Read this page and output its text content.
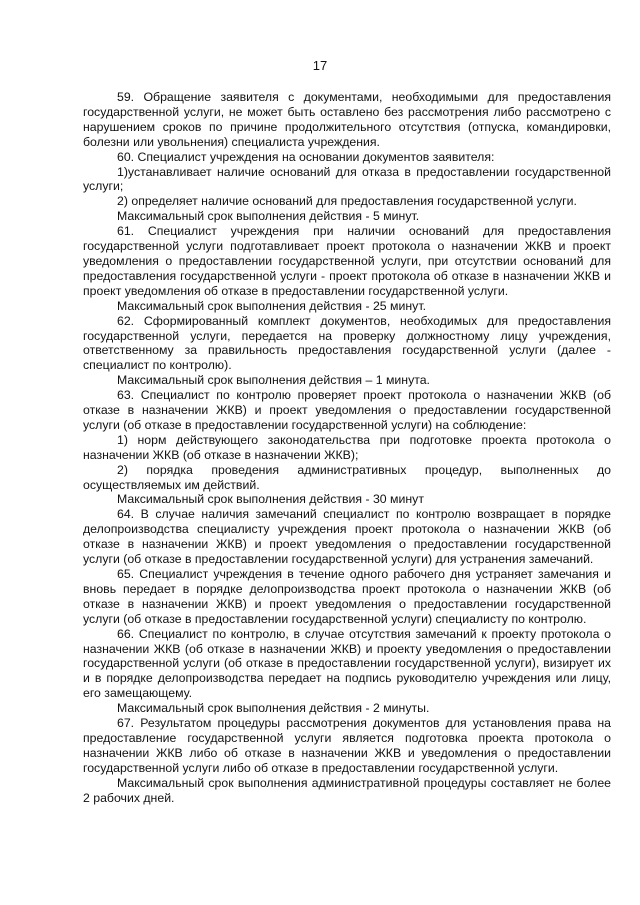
17

59. Обращение заявителя с документами, необходимыми для предоставления государственной услуги, не может быть оставлено без рассмотрения либо рассмотрено с нарушением сроков по причине продолжительного отсутствия (отпуска, командировки, болезни или увольнения) специалиста учреждения.

60. Специалист учреждения на основании документов заявителя:

1)устанавливает наличие оснований для отказа в предоставлении государственной услуги;

2) определяет наличие оснований для предоставления государственной услуги.

Максимальный срок выполнения действия - 5 минут.

61. Специалист учреждения при наличии оснований для предоставления государственной услуги подготавливает проект протокола о назначении ЖКВ и проект уведомления о предоставлении государственной услуги, при отсутствии оснований для предоставления государственной услуги - проект протокола об отказе в назначении ЖКВ и проект уведомления об отказе в предоставлении государственной услуги.

Максимальный срок выполнения действия - 25 минут.

62. Сформированный комплект документов, необходимых для предоставления государственной услуги, передается на проверку должностному лицу учреждения, ответственному за правильность предоставления государственной услуги (далее - специалист по контролю).

Максимальный срок выполнения действия – 1 минута.

63. Специалист по контролю проверяет проект протокола о назначении ЖКВ (об отказе в назначении ЖКВ) и проект уведомления о предоставлении государственной услуги (об отказе в предоставлении государственной услуги) на соблюдение:

1) норм действующего законодательства при подготовке проекта протокола о назначении ЖКВ (об отказе в назначении ЖКВ);

2) порядка проведения административных процедур, выполненных до осуществляемых им действий.

Максимальный срок выполнения действия - 30 минут

64. В случае наличия замечаний специалист по контролю возвращает в порядке делопроизводства специалисту учреждения проект протокола о назначении ЖКВ (об отказе в назначении ЖКВ) и проект уведомления о предоставлении государственной услуги (об отказе в предоставлении государственной услуги) для устранения замечаний.

65. Специалист учреждения в течение одного рабочего дня устраняет замечания и вновь передает в порядке делопроизводства проект протокола о назначении ЖКВ (об отказе в назначении ЖКВ) и проект уведомления о предоставлении государственной услуги (об отказе в предоставлении государственной услуги) специалисту по контролю.

66. Специалист по контролю, в случае отсутствия замечаний к проекту протокола о назначении ЖКВ (об отказе в назначении ЖКВ) и проекту уведомления о предоставлении государственной услуги (об отказе в предоставлении государственной услуги), визирует их и в порядке делопроизводства передает на подпись руководителю учреждения или лицу, его замещающему.

Максимальный срок выполнения действия - 2 минуты.

67. Результатом процедуры рассмотрения документов для установления права на предоставление государственной услуги является подготовка проекта протокола о назначении ЖКВ либо об отказе в назначении ЖКВ и уведомления о предоставлении государственной услуги либо об отказе в предоставлении государственной услуги.

Максимальный срок выполнения административной процедуры составляет не более 2 рабочих дней.
